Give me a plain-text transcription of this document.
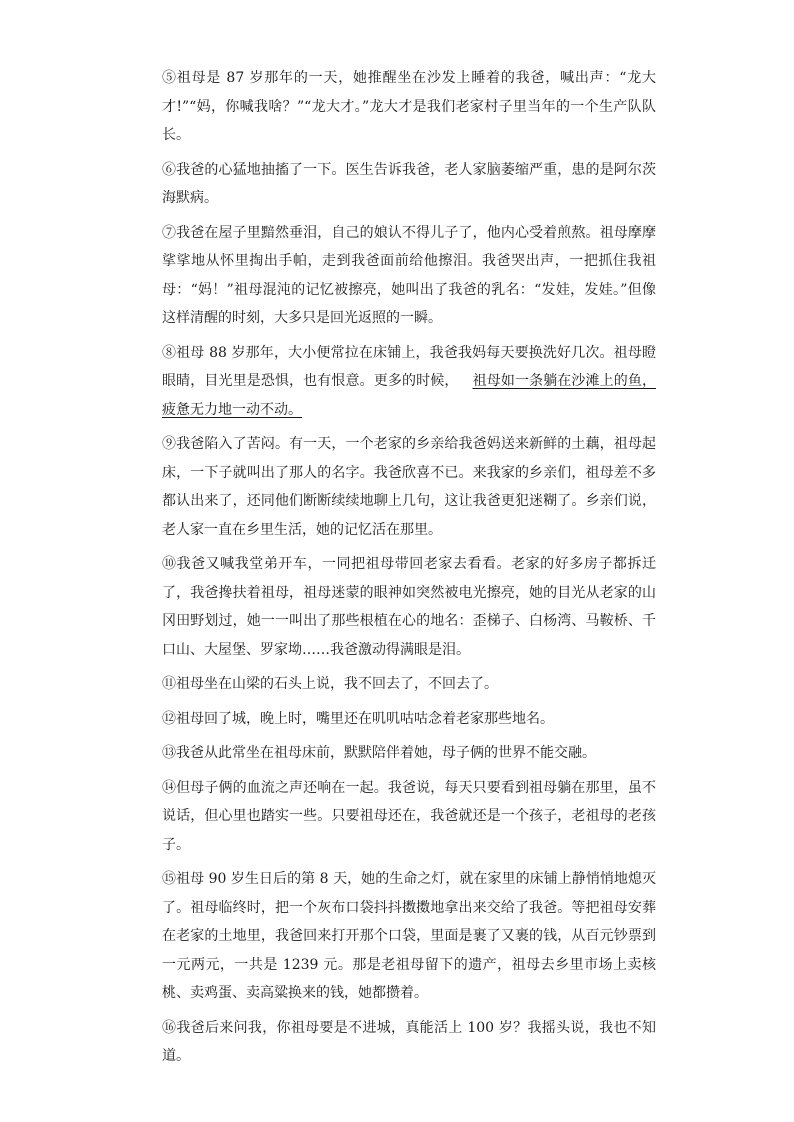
⑤祖母是 87 岁那年的一天，她推醒坐在沙发上睡着的我爸，喊出声：“龙大才!”“妈，你喊我啥？”“龙大才。”龙大才是我们老家村子里当年的一个生产队队长。

⑥我爸的心猛地抽搐了一下。医生告诉我爸，老人家脑萎缩严重，患的是阿尔茨海默病。

⑦我爸在屋子里黯然垂泪，自己的娘认不得儿子了，他内心受着煎熬。祖母摩摩挲挲地从怀里掏出手帕，走到我爸面前给他擦泪。我爸哭出声，一把抓住我祖母：“妈！”祖母混沌的记忆被擦亮，她叫出了我爸的乳名：“发娃，发娃。”但像这样清醒的时刻，大多只是回光返照的一瞬。

⑧祖母 88 岁那年，大小便常拉在床铺上，我爸我妈每天要换洗好几次。祖母瞪眼睛，目光里是恐惧，也有恨意。更多的时候， 祖母如一条躺在沙滩上的鱼，疲惫无力地一动不动。

⑨我爸陷入了苦闷。有一天，一个老家的乡亲给我爸妈送来新鲜的土藕，祖母起床，一下子就叫出了那人的名字。我爸欣喜不已。来我家的乡亲们，祖母差不多都认出来了，还同他们断断续续地聊上几句，这让我爸更犯迷糊了。乡亲们说，老人家一直在乡里生活，她的记忆活在那里。

⑩我爸又喊我堂弟开车，一同把祖母带回老家去看看。老家的好多房子都拆迁了，我爸搀扶着祖母，祖母迷蒙的眼神如突然被电光擦亮，她的目光从老家的山冈田野划过，她一一叫出了那些根植在心的地名：歪梯子、白杨湾、马鞍桥、千口山、大屋堡、罗家坳……我爸激动得满眼是泪。

⑪祖母坐在山梁的石头上说，我不回去了，不回去了。

⑫祖母回了城，晚上时，嘴里还在叽叽咕咕念着老家那些地名。

⑬我爸从此常坐在祖母床前，默默陪伴着她，母子俩的世界不能交融。

⑭但母子俩的血流之声还响在一起。我爸说，每天只要看到祖母躺在那里，虽不说话，但心里也踏实一些。只要祖母还在，我爸就还是一个孩子，老祖母的老孩子。

⑮祖母 90 岁生日后的第 8 天，她的生命之灯，就在家里的床铺上静悄悄地熄灭了。祖母临终时，把一个灰布口袋抖抖擞擞地拿出来交给了我爸。等把祖母安葬在老家的土地里，我爸回来打开那个口袋，里面是裹了又裹的钱，从百元钞票到一元两元，一共是 1239 元。那是老祖母留下的遗产，祖母去乡里市场上卖核桃、卖鸡蛋、卖高粱换来的钱，她都攒着。

⑯我爸后来问我，你祖母要是不进城，真能活上 100 岁？我摇头说，我也不知道。
